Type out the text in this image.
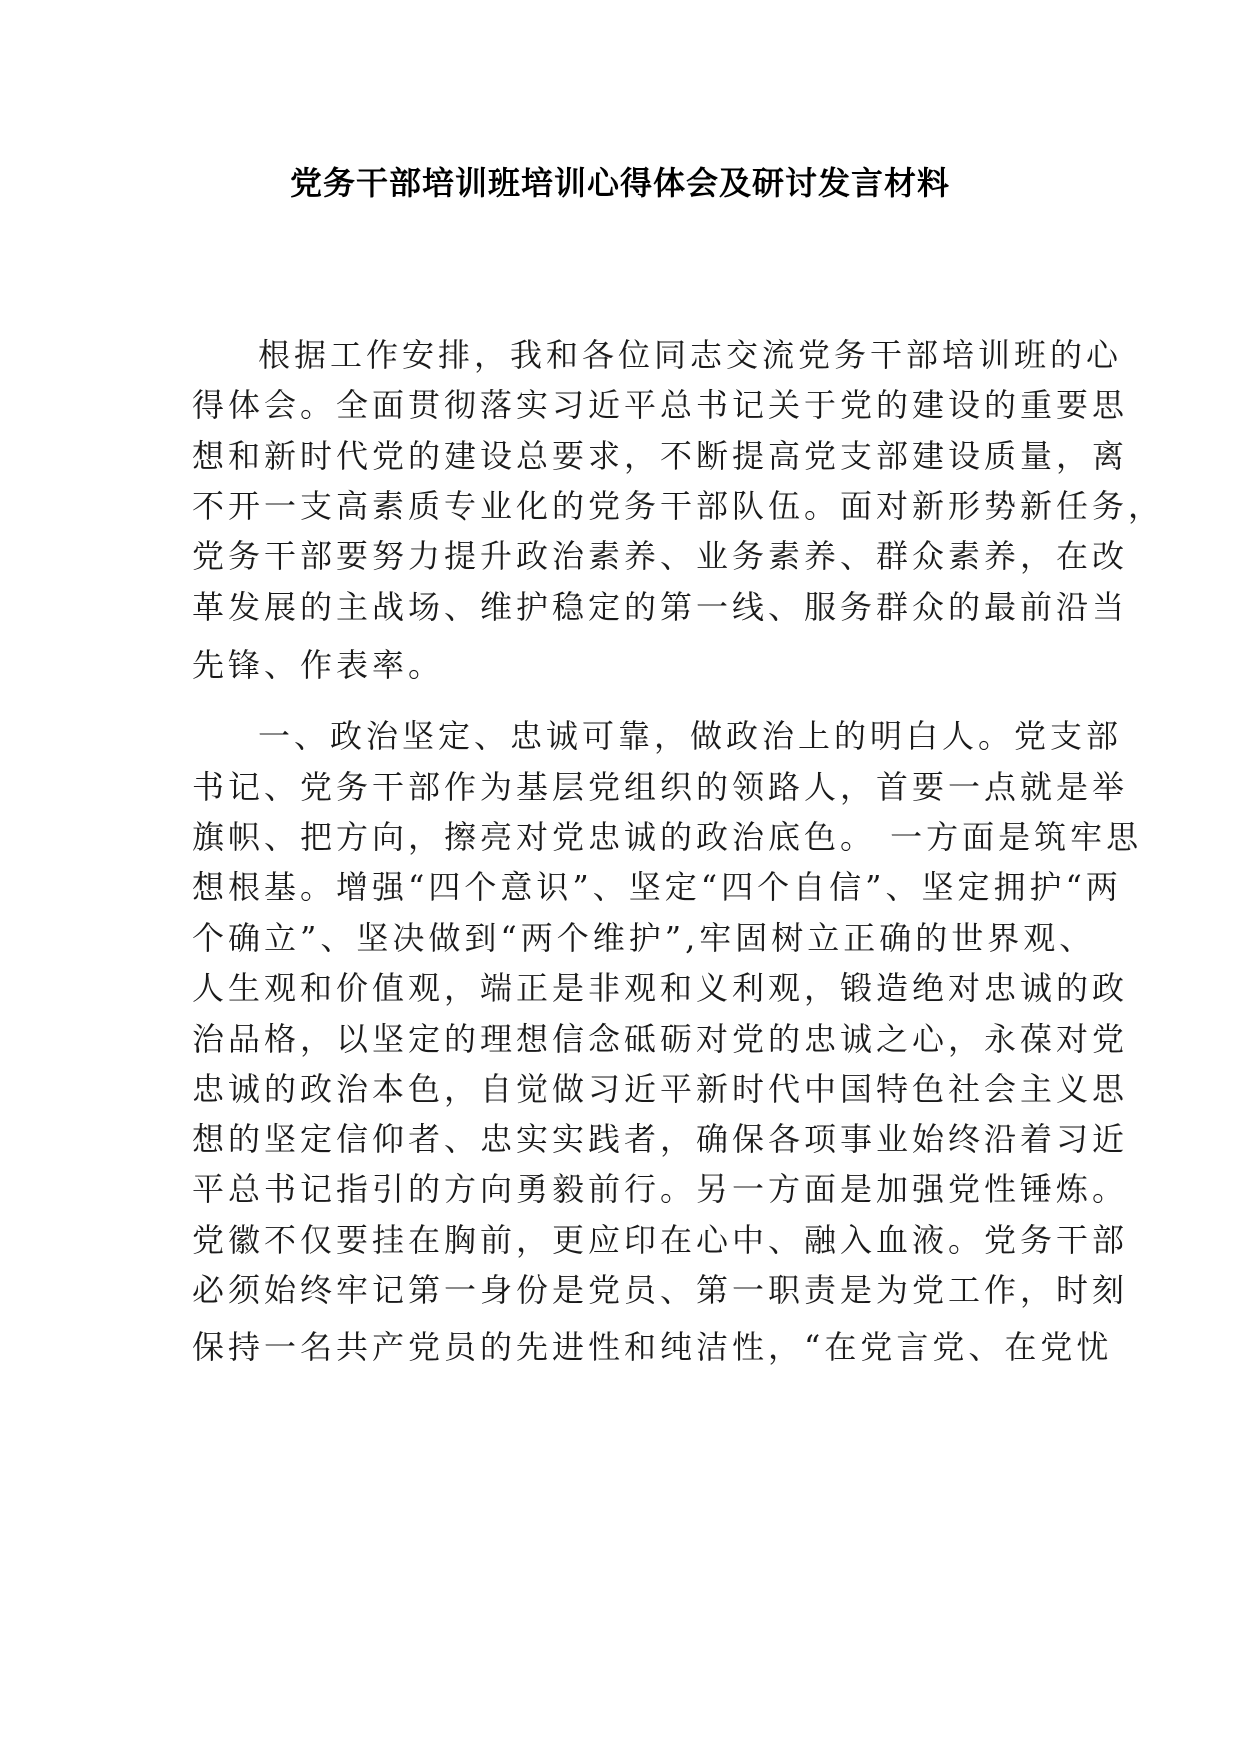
党务干部培训班培训心得体会及研讨发言材料
根据工作安排，我和各位同志交流党务干部培训班的心
得体会。全面贯彻落实习近平总书记关于党的建设的重要思
想和新时代党的建设总要求，不断提高党支部建设质量，离
不开一支高素质专业化的党务干部队伍。面对新形势新任务，
党务干部要努力提升政治素养、业务素养、群众素养，在改
革发展的主战场、维护稳定的第一线、服务群众的最前沿当
先锋、作表率。
一、政治坚定、忠诚可靠，做政治上的明白人。党支部
书记、党务干部作为基层党组织的领路人，首要一点就是举
旗帜、把方向，擦亮对党忠诚的政治底色。 一方面是筑牢思
想根基。增强“四个意识”、坚定“四个自信”、坚定拥护“两
个确立”、坚决做到“两个维护”,牢固树立正确的世界观、
人生观和价值观，端正是非观和义利观，锻造绝对忠诚的政
治品格，以坚定的理想信念砥砺对党的忠诚之心，永葆对党
忠诚的政治本色，自觉做习近平新时代中国特色社会主义思
想的坚定信仰者、忠实实践者，确保各项事业始终沿着习近
平总书记指引的方向勇毅前行。另一方面是加强党性锤炼。
党徽不仅要挂在胸前，更应印在心中、融入血液。党务干部
必须始终牢记第一身份是党员、第一职责是为党工作，时刻
保持一名共产党员的先进性和纯洁性，“在党言党、在党忧
